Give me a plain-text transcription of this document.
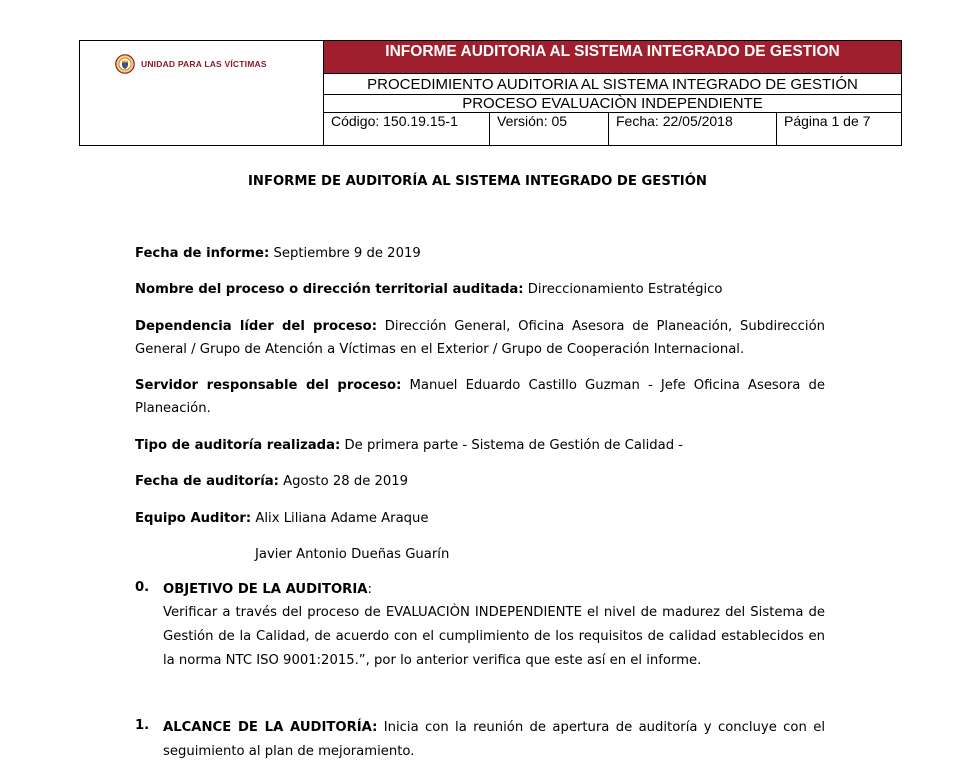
UNIDAD PARA LAS VÍCTIMAS
INFORME AUDITORIA AL SISTEMA INTEGRADO DE GESTION
PROCEDIMIENTO AUDITORIA AL SISTEMA INTEGRADO DE GESTIÓN
PROCESO EVALUACIÒN INDEPENDIENTE
Código: 150.19.15-1	Versión: 05	Fecha: 22/05/2018	Página 1 de 7
INFORME DE AUDITORÍA AL SISTEMA INTEGRADO DE GESTIÓN
Fecha de informe: Septiembre 9 de 2019
Nombre del proceso o dirección territorial auditada: Direccionamiento Estratégico
Dependencia líder del proceso: Dirección General, Oficina Asesora de Planeación, Subdirección General / Grupo de Atención a Víctimas en el Exterior / Grupo de Cooperación Internacional.
Servidor responsable del proceso: Manuel Eduardo Castillo Guzman - Jefe Oficina Asesora de Planeación.
Tipo de auditoría realizada: De primera parte - Sistema de Gestión de Calidad -
Fecha de auditoría: Agosto 28 de 2019
Equipo Auditor: Alix Liliana Adame Araque
Javier Antonio Dueñas Guarín
0. OBJETIVO DE LA AUDITORIA:
Verificar a través del proceso de EVALUACIÒN INDEPENDIENTE el nivel de madurez del Sistema de Gestión de la Calidad, de acuerdo con el cumplimiento de los requisitos de calidad establecidos en la norma NTC ISO 9001:2015.”, por lo anterior verifica que este así en el informe.
1. ALCANCE DE LA AUDITORÍA: Inicia con la reunión de apertura de auditoría y concluye con el seguimiento al plan de mejoramiento.
